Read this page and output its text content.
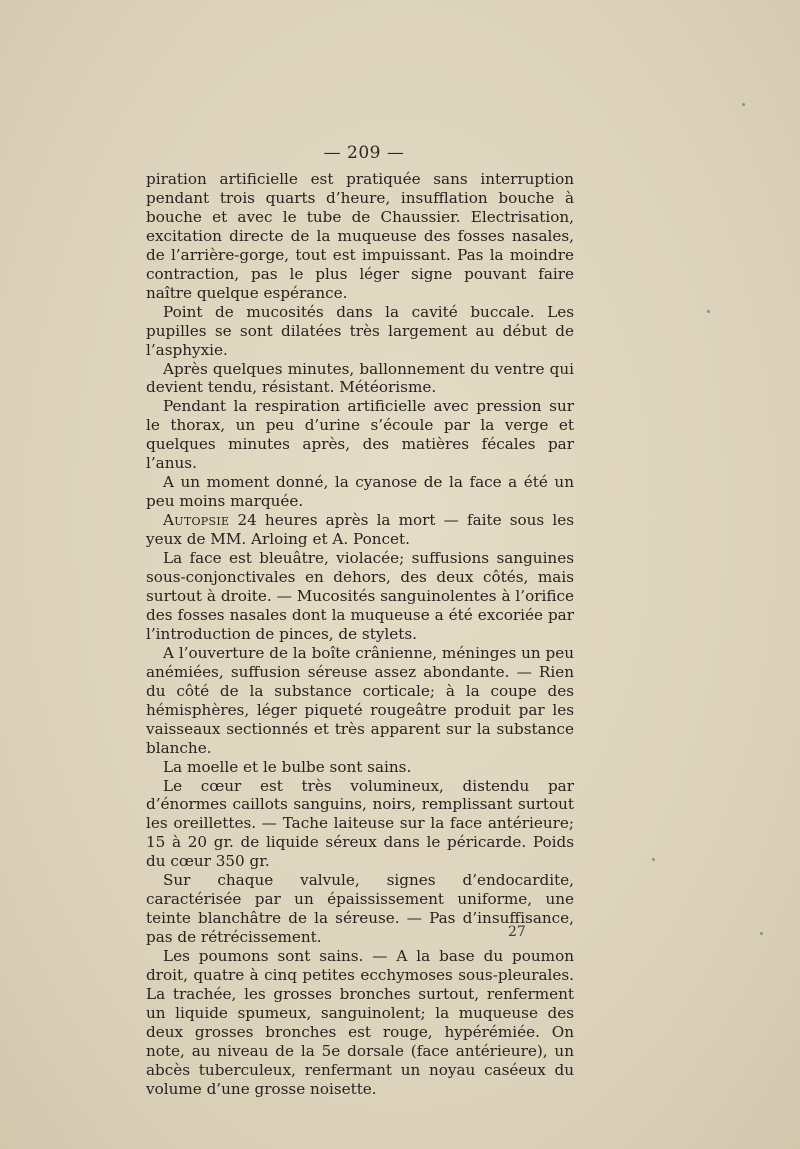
— 209 —

piration artificielle est pratiquée sans interruption pendant trois quarts d’heure, insufflation bouche à bouche et avec le tube de Chaussier. Electrisation, excitation directe de la muqueuse des fosses nasales, de l’arrière-gorge, tout est impuissant. Pas la moindre contraction, pas le plus léger signe pouvant faire naître quelque espérance.

Point de mucosités dans la cavité buccale. Les pupilles se sont dilatées très largement au début de l’asphyxie.

Après quelques minutes, ballonnement du ventre qui devient tendu, résistant. Météorisme.

Pendant la respiration artificielle avec pression sur le thorax, un peu d’urine s’écoule par la verge et quelques minutes après, des matières fécales par l’anus.

A un moment donné, la cyanose de la face a été un peu moins marquée.

Autopsie 24 heures après la mort — faite sous les yeux de MM. Arloing et A. Poncet.

La face est bleuâtre, violacée; suffusions sanguines sous-conjonctivales en dehors, des deux côtés, mais surtout à droite. — Mucosités sanguinolentes à l’orifice des fosses nasales dont la muqueuse a été excoriée par l’introduction de pinces, de stylets.

A l’ouverture de la boîte crânienne, méninges un peu anémiées, suffusion séreuse assez abondante. — Rien du côté de la substance corticale; à la coupe des hémisphères, léger piqueté rougeâtre produit par les vaisseaux sectionnés et très apparent sur la substance blanche.

La moelle et le bulbe sont sains.

Le cœur est très volumineux, distendu par d’énormes caillots sanguins, noirs, remplissant surtout les oreillettes. — Tache laiteuse sur la face antérieure; 15 à 20 gr. de liquide séreux dans le péricarde. Poids du cœur 350 gr.

Sur chaque valvule, signes d’endocardite, caractérisée par un épaississement uniforme, une teinte blanchâtre de la séreuse. — Pas d’insuffisance, pas de rétrécissement.

Les poumons sont sains. — A la base du poumon droit, quatre à cinq petites ecchymoses sous-pleurales. La trachée, les grosses bronches surtout, renferment un liquide spumeux, sanguinolent; la muqueuse des deux grosses bronches est rouge, hypérémiée. On note, au niveau de la 5e dorsale (face antérieure), un abcès tuberculeux, renfermant un noyau caséeux du volume d’une grosse noisette.

27
